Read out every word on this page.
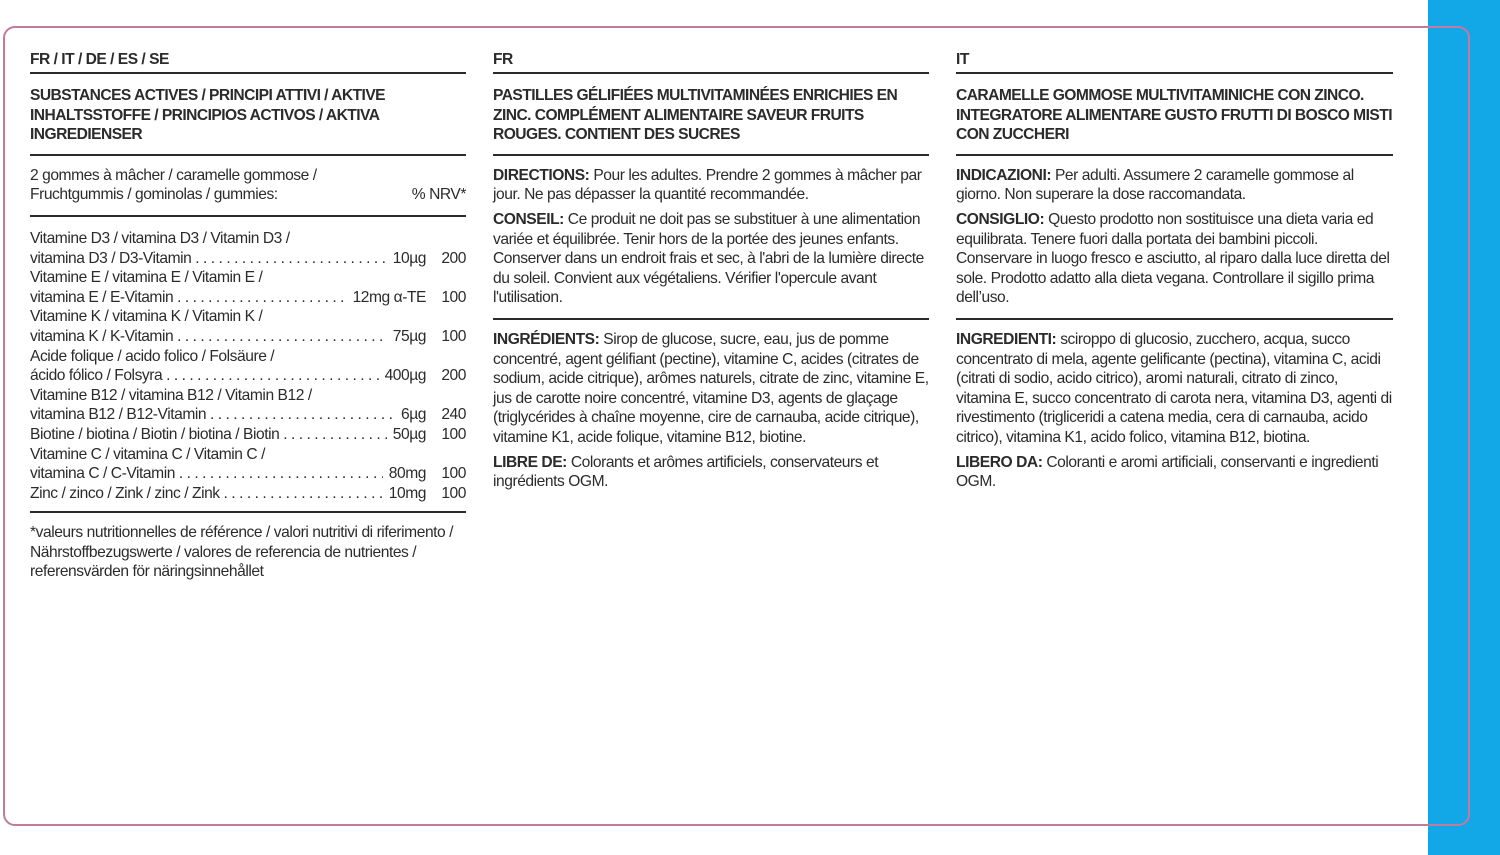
FR / IT / DE / ES / SE
SUBSTANCES ACTIVES / PRINCIPI ATTIVI / AKTIVE INHALTSSTOFFE / PRINCIPIOS ACTIVOS / AKTIVA INGREDIENSER
2 gommes à mâcher / caramelle gommose / Fruchtgummis / gominolas / gummies:	% NRV*
Vitamine D3 / vitamina D3 / Vitamin D3 /
vitamina D3 / D3-Vitamin . . .	10µg 200
Vitamine E / vitamina E / Vitamin E /
vitamina E / E-Vitamin . . .	12mg α-TE 100
Vitamine K / vitamina K / Vitamin K /
vitamina K / K-Vitamin . . .	75µg 100
Acide folique / acido folico / Folsäure /
ácido fólico / Folsyra . . .	400µg 200
Vitamine B12 / vitamina B12 / Vitamin B12 /
vitamina B12 / B12-Vitamin . . .	6µg 240
Biotine / biotina / Biotin / biotina / Biotin . . .	50µg 100
Vitamine C / vitamina C / Vitamin C /
vitamina C / C-Vitamin . . .	80mg 100
Zinc / zinco / Zink / zinc / Zink . . .	10mg 100
*valeurs nutritionnelles de référence / valori nutritivi di riferimento / Nährstoffbezugswerte / valores de referencia de nutrientes / referensvärden för näringsinnehållet
FR
PASTILLES GÉLIFIÉES MULTIVITAMINÉES ENRICHIES EN ZINC. COMPLÉMENT ALIMENTAIRE SAVEUR FRUITS ROUGES. CONTIENT DES SUCRES
DIRECTIONS: Pour les adultes. Prendre 2 gommes à mâcher par jour. Ne pas dépasser la quantité recommandée.
CONSEIL: Ce produit ne doit pas se substituer à une alimentation variée et équilibrée. Tenir hors de la portée des jeunes enfants. Conserver dans un endroit frais et sec, à l'abri de la lumière directe du soleil. Convient aux végétaliens. Vérifier l'opercule avant l'utilisation.
INGRÉDIENTS: Sirop de glucose, sucre, eau, jus de pomme concentré, agent gélifiant (pectine), vitamine C, acides (citrates de sodium, acide citrique), arômes naturels, citrate de zinc, vitamine E, jus de carotte noire concentré, vitamine D3, agents de glaçage (triglycérides à chaîne moyenne, cire de carnauba, acide citrique), vitamine K1, acide folique, vitamine B12, biotine.
LIBRE DE: Colorants et arômes artificiels, conservateurs et ingrédients OGM.
IT
CARAMELLE GOMMOSE MULTIVITAMINICHE CON ZINCO. INTEGRATORE ALIMENTARE GUSTO FRUTTI DI BOSCO MISTI CON ZUCCHERI
INDICAZIONI: Per adulti. Assumere 2 caramelle gommose al giorno. Non superare la dose raccomandata.
CONSIGLIO: Questo prodotto non sostituisce una dieta varia ed equilibrata. Tenere fuori dalla portata dei bambini piccoli. Conservare in luogo fresco e asciutto, al riparo dalla luce diretta del sole. Prodotto adatto alla dieta vegana. Controllare il sigillo prima dell’uso.
INGREDIENTI: sciroppo di glucosio, zucchero, acqua, succo concentrato di mela, agente gelificante (pectina), vitamina C, acidi (citrati di sodio, acido citrico), aromi naturali, citrato di zinco, vitamina E, succo concentrato di carota nera, vitamina D3, agenti di rivestimento (trigliceridi a catena media, cera di carnauba, acido citrico), vitamina K1, acido folico, vitamina B12, biotina.
LIBERO DA: Coloranti e aromi artificiali, conservanti e ingredienti OGM.
